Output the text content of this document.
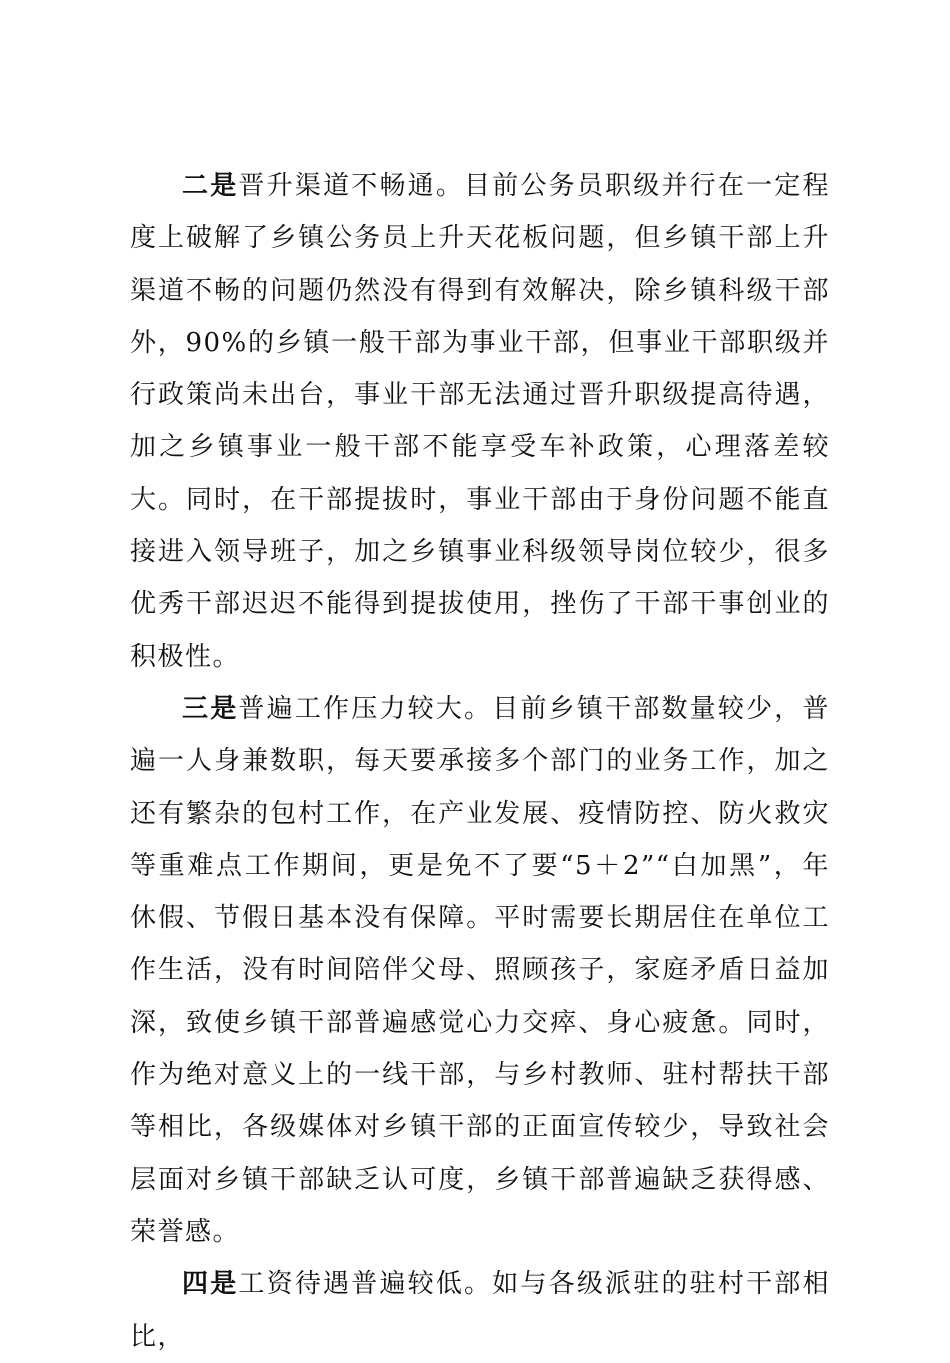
二是晋升渠道不畅通。目前公务员职级并行在一定程度上破解了乡镇公务员上升天花板问题，但乡镇干部上升渠道不畅的问题仍然没有得到有效解决，除乡镇科级干部外，90%的乡镇一般干部为事业干部，但事业干部职级并行政策尚未出台，事业干部无法通过晋升职级提高待遇，加之乡镇事业一般干部不能享受车补政策，心理落差较大。同时，在干部提拔时，事业干部由于身份问题不能直接进入领导班子，加之乡镇事业科级领导岗位较少，很多优秀干部迟迟不能得到提拔使用，挫伤了干部干事创业的积极性。

三是普遍工作压力较大。目前乡镇干部数量较少，普遍一人身兼数职，每天要承接多个部门的业务工作，加之还有繁杂的包村工作，在产业发展、疫情防控、防火救灾等重难点工作期间，更是免不了要“5＋2”“白加黑”，年休假、节假日基本没有保障。平时需要长期居住在单位工作生活，没有时间陪伴父母、照顾孩子，家庭矛盾日益加深，致使乡镇干部普遍感觉心力交瘁、身心疲惫。同时，作为绝对意义上的一线干部，与乡村教师、驻村帮扶干部等相比，各级媒体对乡镇干部的正面宣传较少，导致社会层面对乡镇干部缺乏认可度，乡镇干部普遍缺乏获得感、荣誉感。

四是工资待遇普遍较低。如与各级派驻的驻村干部相比，
